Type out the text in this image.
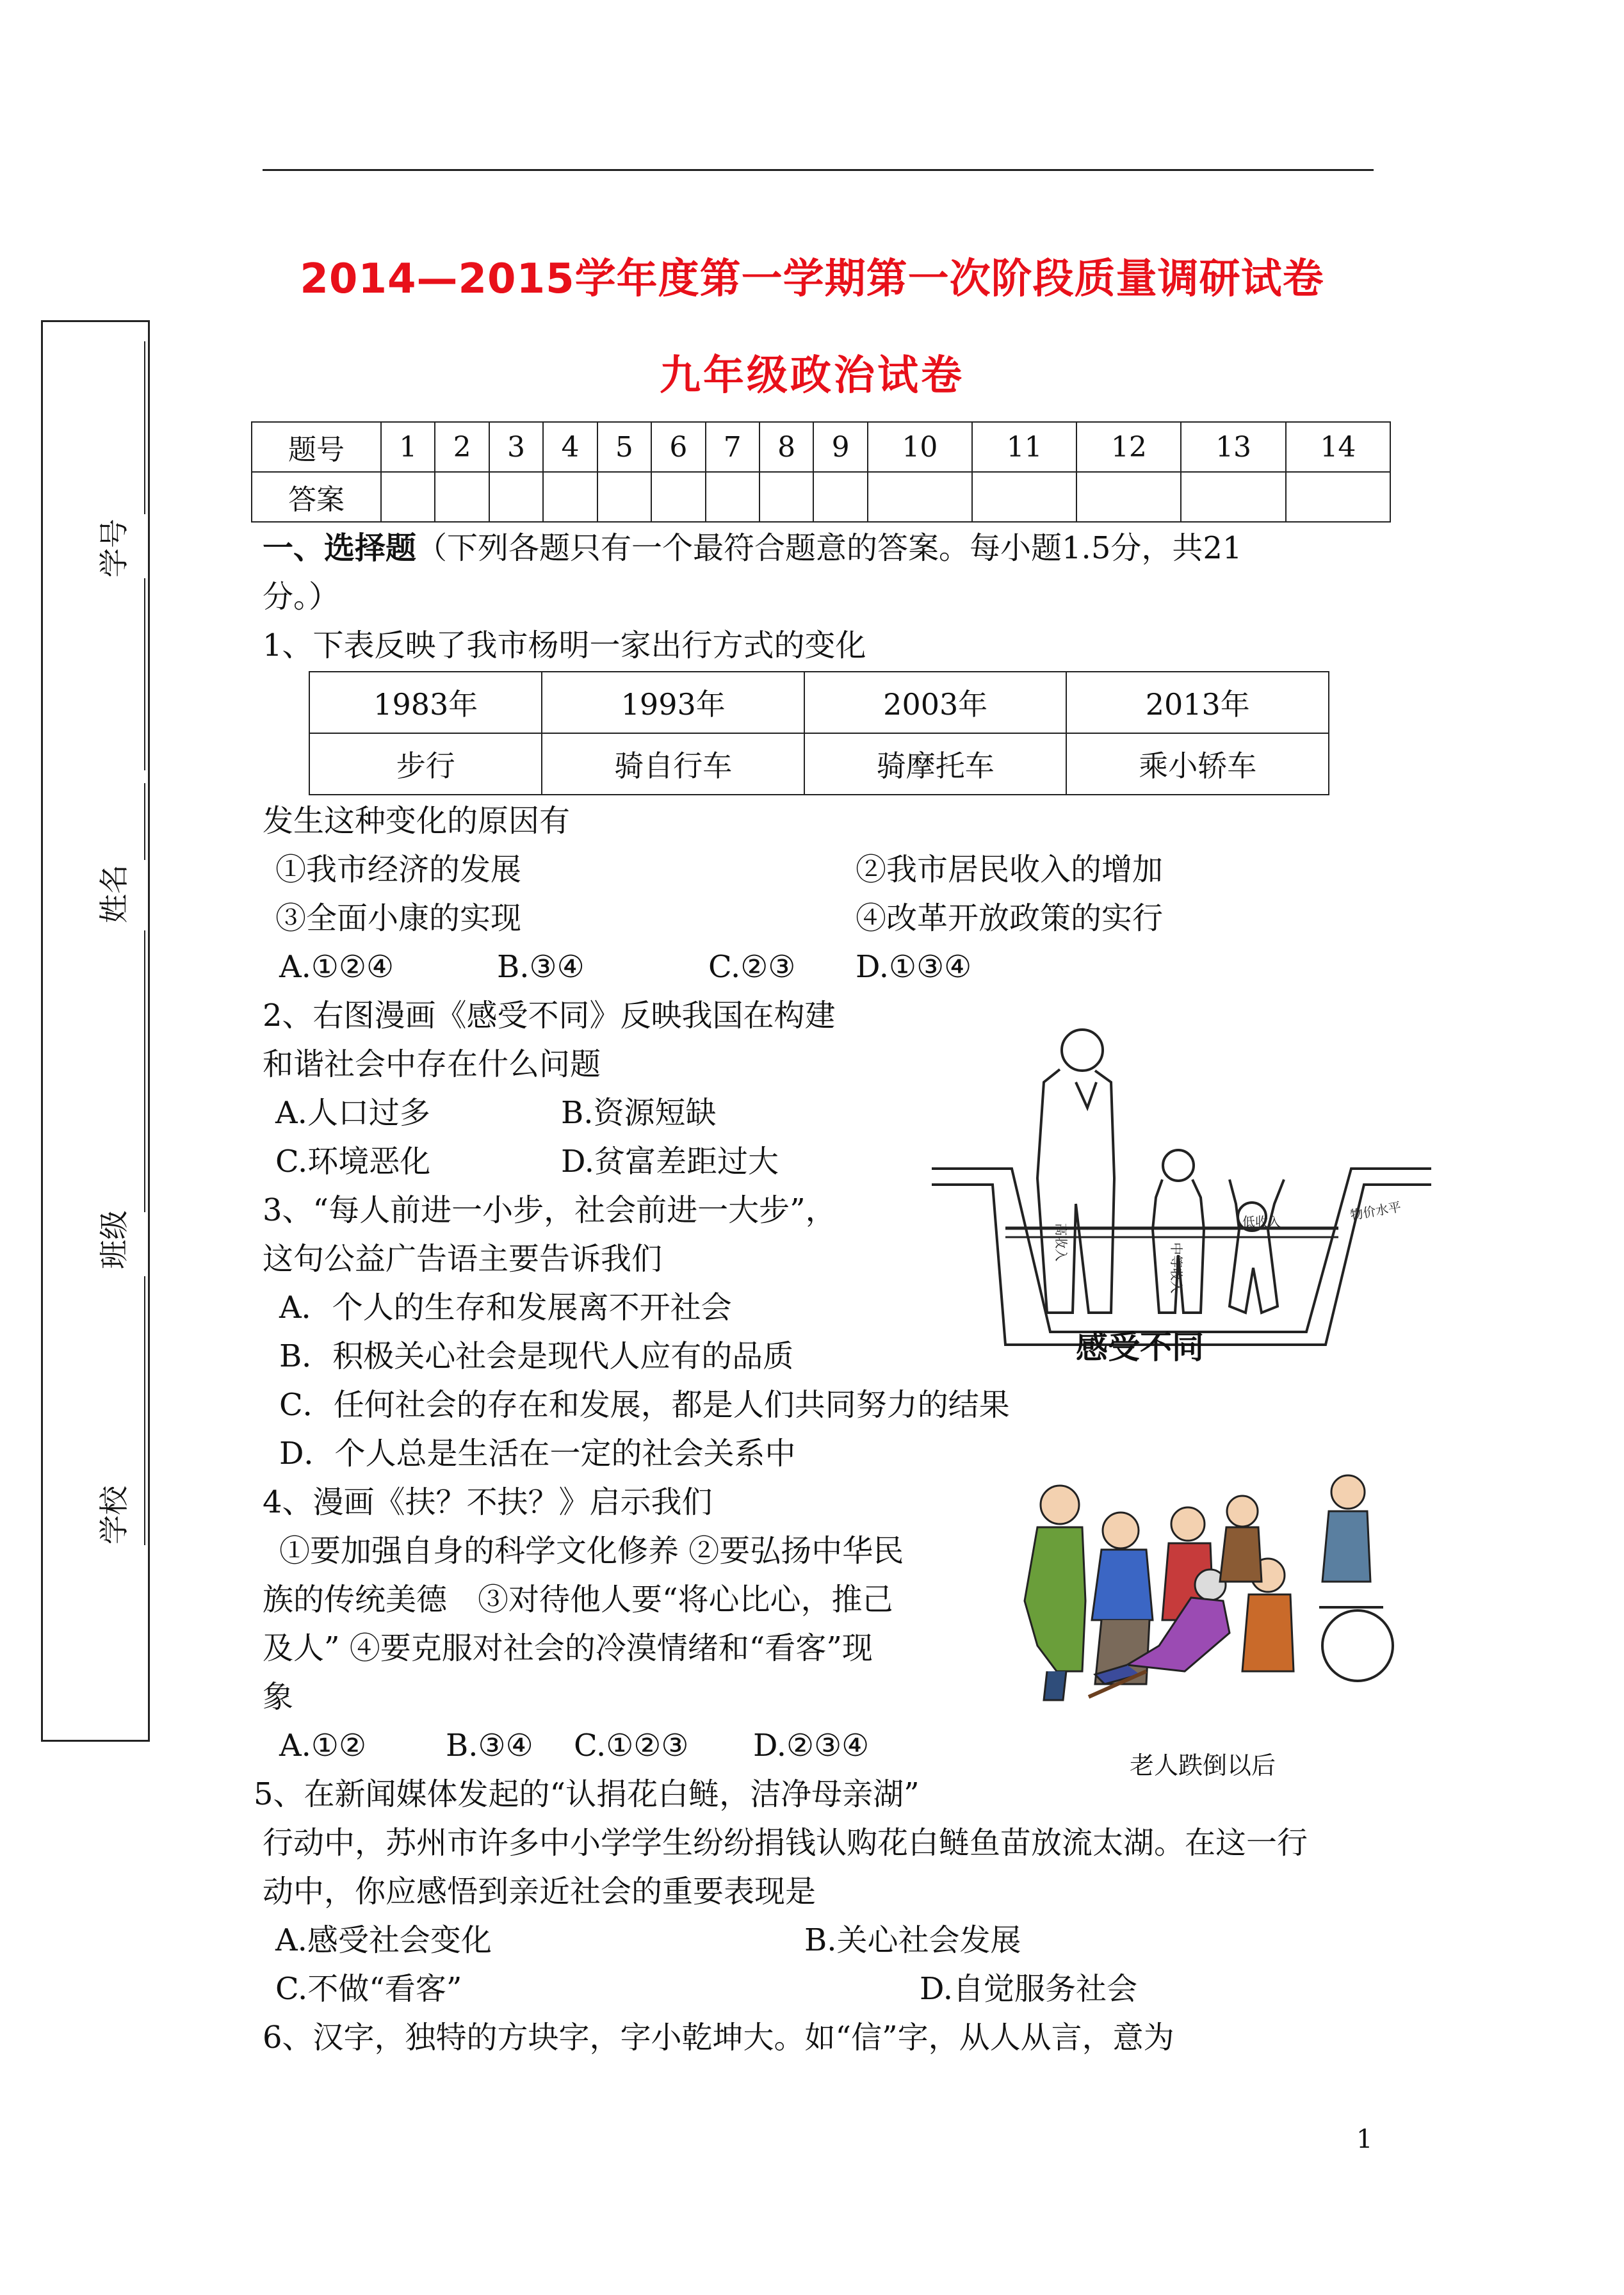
2014—2015学年度第一学期第一次阶段质量调研试卷
九年级政治试卷
学号
姓名
班级
学校
题号	1	2	3	4	5	6	7	8	9	10	11	12	13	14
答案														
一、选择题（下列各题只有一个最符合题意的答案。每小题1.5分，共21
分。）
1、下表反映了我市杨明一家出行方式的变化
1983年	1993年	2003年	2013年
步行	骑自行车	骑摩托车	乘小轿车
发生这种变化的原因有
①我市经济的发展	②我市居民收入的增加
③全面小康的实现	④改革开放政策的实行
A.①②④	B.③④	C.②③ D.①③④
2、右图漫画《感受不同》反映我国在构建
和谐社会中存在什么问题
A.人口过多	B.资源短缺
C.环境恶化	D.贫富差距过大
高收入	中等收入
低收入	物价水平
感受不同
3、“每人前进一小步，社会前进一大步”，
这句公益广告语主要告诉我们
A．个人的生存和发展离不开社会
B．积极关心社会是现代人应有的品质
C．任何社会的存在和发展，都是人们共同努力的结果
D．个人总是生活在一定的社会关系中
4、漫画《扶？不扶？》启示我们
①要加强自身的科学文化修养 ②要弘扬中华民
族的传统美德　③对待他人要“将心比心，推己
及人” ④要克服对社会的冷漠情绪和“看客”现
象
A.①②	B.③④ C.①②③ D.②③④
老人跌倒以后
5、在新闻媒体发起的“认捐花白鲢，洁净母亲湖”
行动中，苏州市许多中小学学生纷纷捐钱认购花白鲢鱼苗放流太湖。在这一行
动中，你应感悟到亲近社会的重要表现是
A.感受社会变化	B.关心社会发展
C.不做“看客”	D.自觉服务社会
6、汉字，独特的方块字，字小乾坤大。如“信”字，从人从言，意为
1
